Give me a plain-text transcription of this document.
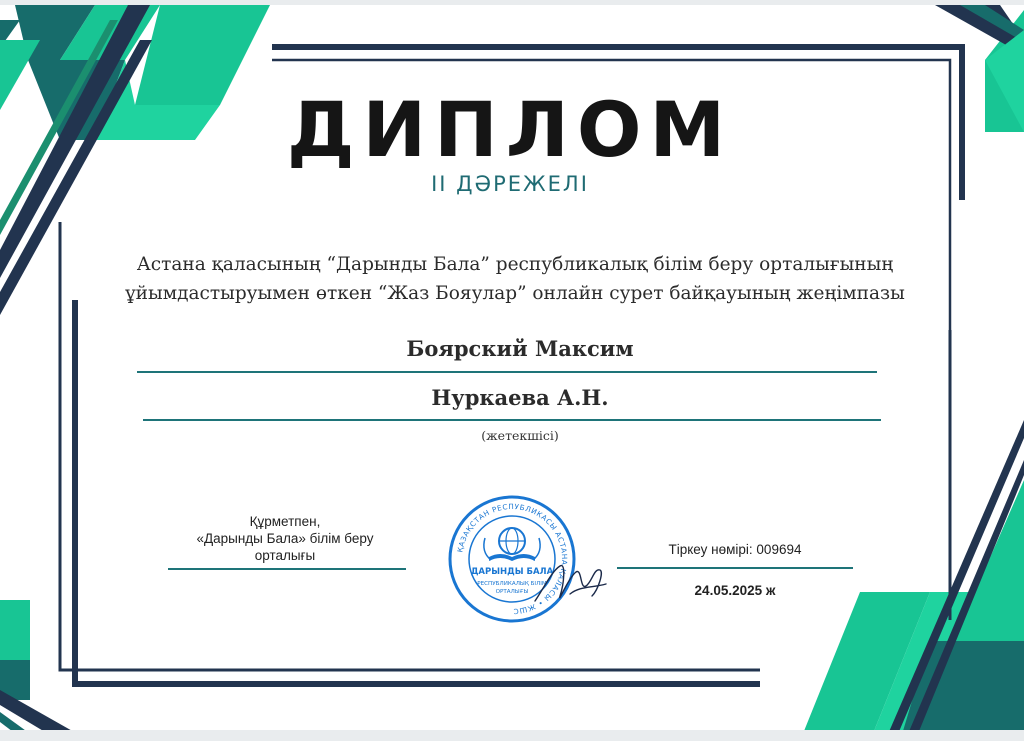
ДИПЛОМ
II ДӘРЕЖЕЛІ
Астана қаласының “Дарынды Бала” республикалық білім беру орталығының
ұйымдастыруымен өткен “Жаз Бояулар” онлайн сурет байқауының жеңімпазы
Боярский Максим
Нуркаева А.Н.
(жетекшісі)
Құрметпен,
«Дарынды Бала» білім беру
орталығы	Тіркеу нөмірі: 009694
24.05.2025 ж
ҚАЗАҚСТАН РЕСПУБЛИКАСЫ АСТАНА ҚАЛАСЫ • ЖШС
ДАРЫНДЫ БАЛА
РЕСПУБЛИКАЛЫҚ БІЛІМ
ОРТАЛЫҒЫ
